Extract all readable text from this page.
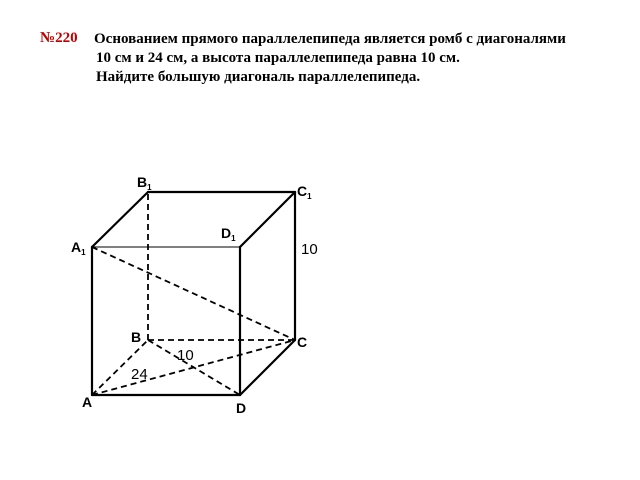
№220 Основанием прямого параллелепипеда является ромб с диагоналями
10 см и 24 см, а высота параллелепипеда равна 10 см.
Найдите большую диагональ параллелепипеда.
$B_1$	$C_1$
$D_1$
$A_1$
B	C
A	D
10
10
24
